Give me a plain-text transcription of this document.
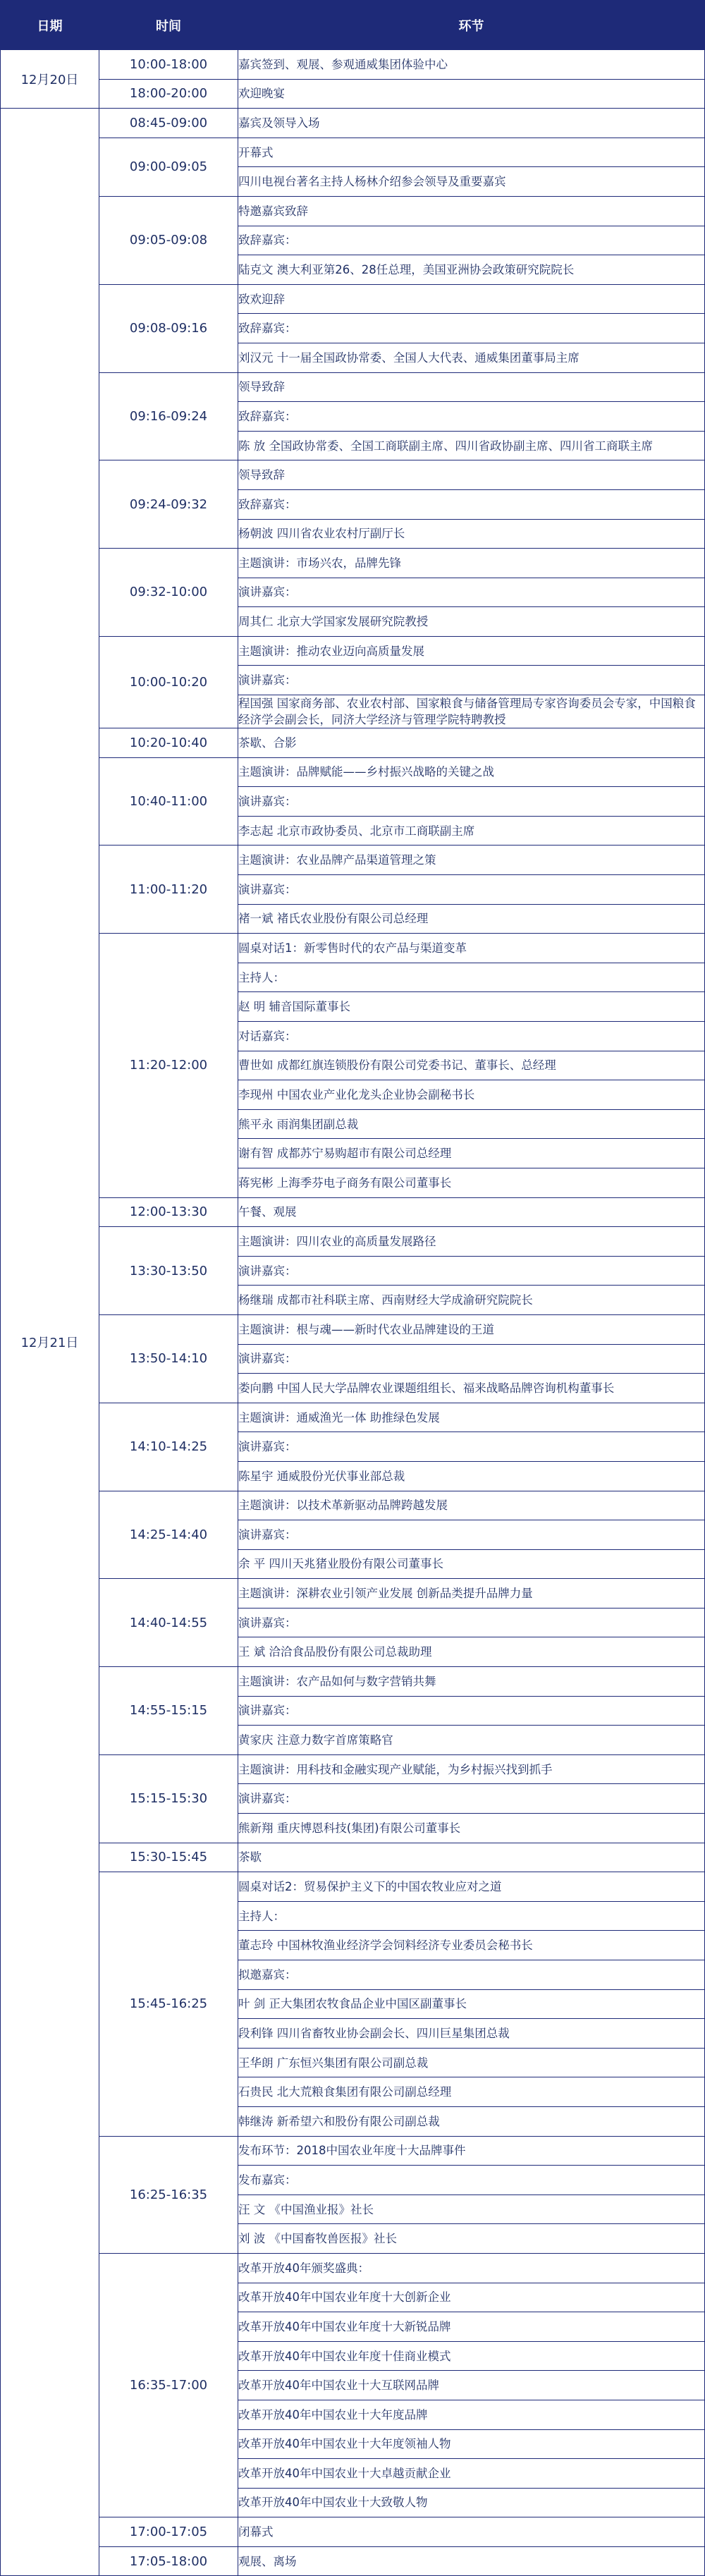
日期	时间	环节
12月20日	10:00-18:00	嘉宾签到、观展、参观通威集团体验中心
	18:00-20:00	欢迎晚宴
12月21日	08:45-09:00	嘉宾及领导入场
	09:00-09:05	开幕式
		四川电视台著名主持人杨林介绍参会领导及重要嘉宾
	09:05-09:08	特邀嘉宾致辞
		致辞嘉宾：
		陆克文 澳大利亚第26、28任总理，美国亚洲协会政策研究院院长
	09:08-09:16	致欢迎辞
		致辞嘉宾：
		刘汉元 十一届全国政协常委、全国人大代表、通威集团董事局主席
	09:16-09:24	领导致辞
		致辞嘉宾：
		陈 放 全国政协常委、全国工商联副主席、四川省政协副主席、四川省工商联主席
	09:24-09:32	领导致辞
		致辞嘉宾：
		杨朝波 四川省农业农村厅副厅长
	09:32-10:00	主题演讲：市场兴农，品牌先锋
		演讲嘉宾：
		周其仁 北京大学国家发展研究院教授
	10:00-10:20	主题演讲：推动农业迈向高质量发展
		演讲嘉宾：
		程国强 国家商务部、农业农村部、国家粮食与储备管理局专家咨询委员会专家，中国粮食经济学会副会长，同济大学经济与管理学院特聘教授
	10:20-10:40	茶歇、合影
	10:40-11:00	主题演讲：品牌赋能——乡村振兴战略的关键之战
		演讲嘉宾：
		李志起 北京市政协委员、北京市工商联副主席
	11:00-11:20	主题演讲：农业品牌产品渠道管理之策
		演讲嘉宾：
		褚一斌 褚氏农业股份有限公司总经理
	11:20-12:00	圆桌对话1：新零售时代的农产品与渠道变革
		主持人：
		赵 明 辅音国际董事长
		对话嘉宾：
		曹世如 成都红旗连锁股份有限公司党委书记、董事长、总经理
		李现州 中国农业产业化龙头企业协会副秘书长
		熊平永 雨润集团副总裁
		谢有智 成都苏宁易购超市有限公司总经理
		蒋宪彬 上海季芬电子商务有限公司董事长
	12:00-13:30	午餐、观展
	13:30-13:50	主题演讲：四川农业的高质量发展路径
		演讲嘉宾：
		杨继瑞 成都市社科联主席、西南财经大学成渝研究院院长
	13:50-14:10	主题演讲：根与魂——新时代农业品牌建设的王道
		演讲嘉宾：
		娄向鹏 中国人民大学品牌农业课题组组长、福来战略品牌咨询机构董事长
	14:10-14:25	主题演讲：通威渔光一体 助推绿色发展
		演讲嘉宾：
		陈星宇 通威股份光伏事业部总裁
	14:25-14:40	主题演讲：以技术革新驱动品牌跨越发展
		演讲嘉宾：
		余 平 四川天兆猪业股份有限公司董事长
	14:40-14:55	主题演讲：深耕农业引领产业发展 创新品类提升品牌力量
		演讲嘉宾：
		王 斌 洽洽食品股份有限公司总裁助理
	14:55-15:15	主题演讲：农产品如何与数字营销共舞
		演讲嘉宾：
		黄家庆 注意力数字首席策略官
	15:15-15:30	主题演讲：用科技和金融实现产业赋能，为乡村振兴找到抓手
		演讲嘉宾：
		熊新翔 重庆博恩科技(集团)有限公司董事长
	15:30-15:45	茶歇
	15:45-16:25	圆桌对话2：贸易保护主义下的中国农牧业应对之道
		主持人：
		董志玲 中国林牧渔业经济学会饲料经济专业委员会秘书长
		拟邀嘉宾：
		叶 剑 正大集团农牧食品企业中国区副董事长
		段利锋 四川省畜牧业协会副会长、四川巨星集团总裁
		王华朗 广东恒兴集团有限公司副总裁
		石贵民 北大荒粮食集团有限公司副总经理
		韩继涛 新希望六和股份有限公司副总裁
	16:25-16:35	发布环节：2018中国农业年度十大品牌事件
		发布嘉宾：
		汪 文 《中国渔业报》社长
		刘 波 《中国畜牧兽医报》社长
	16:35-17:00	改革开放40年颁奖盛典：
		改革开放40年中国农业年度十大创新企业
		改革开放40年中国农业年度十大新锐品牌
		改革开放40年中国农业年度十佳商业模式
		改革开放40年中国农业十大互联网品牌
		改革开放40年中国农业十大年度品牌
		改革开放40年中国农业十大年度领袖人物
		改革开放40年中国农业十大卓越贡献企业
		改革开放40年中国农业十大致敬人物
	17:00-17:05	闭幕式
	17:05-18:00	观展、离场
